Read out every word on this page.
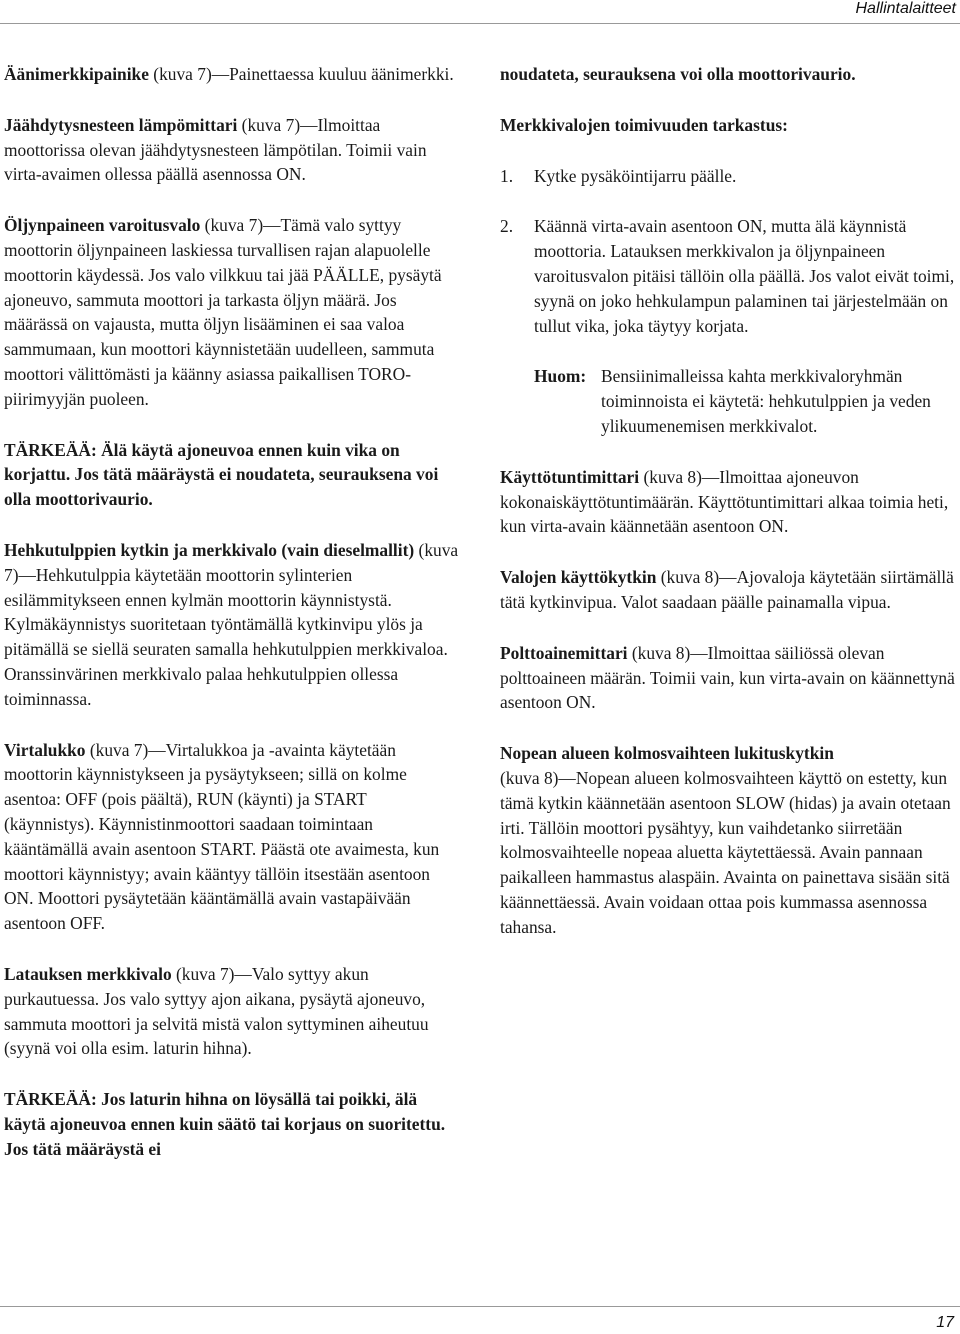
Hallintalaitteet

Äänimerkkipainike (kuva 7)—Painettaessa kuuluu äänimerkki.

Jäähdytysnesteen lämpömittari (kuva 7)—Ilmoittaa moottorissa olevan jäähdytysnesteen lämpötilan. Toimii vain virta-avaimen ollessa päällä asennossa ON.

Öljynpaineen varoitusvalo (kuva 7)—Tämä valo syttyy moottorin öljynpaineen laskiessa turvallisen rajan alapuolelle moottorin käydessä. Jos valo vilkkuu tai jää PÄÄLLE, pysäytä ajoneuvo, sammuta moottori ja tarkasta öljyn määrä. Jos määrässä on vajausta, mutta öljyn lisääminen ei saa valoa sammumaan, kun moottori käynnistetään uudelleen, sammuta moottori välittömästi ja käänny asiassa paikallisen TORO-piirimyyjän puoleen.

TÄRKEÄÄ: Älä käytä ajoneuvoa ennen kuin vika on korjattu. Jos tätä määräystä ei noudateta, seurauksena voi olla moottorivaurio.

Hehkutulppien kytkin ja merkkivalo (vain dieselmallit) (kuva 7)—Hehkutulppia käytetään moottorin sylinterien esilämmitykseen ennen kylmän moottorin käynnistystä. Kylmäkäynnistys suoritetaan työntämällä kytkinvipu ylös ja pitämällä se siellä seuraten samalla hehkutulppien merkkivaloa. Oranssinvärinen merkkivalo palaa hehkutulppien ollessa toiminnassa.

Virtalukko (kuva 7)—Virtalukkoa ja -avainta käytetään moottorin käynnistykseen ja pysäytykseen; sillä on kolme asentoa: OFF (pois päältä), RUN (käynti) ja START (käynnistys). Käynnistinmoottori saadaan toimintaan kääntämällä avain asentoon START. Päästä ote avaimesta, kun moottori käynnistyy; avain kääntyy tällöin itsestään asentoon ON. Moottori pysäytetään kääntämällä avain vastapäivään asentoon OFF.

Latauksen merkkivalo (kuva 7)—Valo syttyy akun purkautuessa. Jos valo syttyy ajon aikana, pysäytä ajoneuvo, sammuta moottori ja selvitä mistä valon syttyminen aiheutuu (syynä voi olla esim. laturin hihna).

TÄRKEÄÄ: Jos laturin hihna on löysällä tai poikki, älä käytä ajoneuvoa ennen kuin säätö tai korjaus on suoritettu. Jos tätä määräystä ei

noudateta, seurauksena voi olla moottorivaurio.

Merkkivalojen toimivuuden tarkastus:

1.	Kytke pysäköintijarru päälle.
2.	Käännä virta-avain asentoon ON, mutta älä käynnistä moottoria. Latauksen merkkivalon ja öljynpaineen varoitusvalon pitäisi tällöin olla päällä. Jos valot eivät toimi, syynä on joko hehkulampun palaminen tai järjestelmään on tullut vika, joka täytyy korjata.
Huom: Bensiinimalleissa kahta merkkivaloryhmän toiminnoista ei käytetä: hehkutulppien ja veden ylikuumenemisen merkkivalot.

Käyttötuntimittari (kuva 8)—Ilmoittaa ajoneuvon kokonaiskäyttötuntimäärän. Käyttötuntimittari alkaa toimia heti, kun virta-avain käännetään asentoon ON.

Valojen käyttökytkin (kuva 8)—Ajovaloja käytetään siirtämällä tätä kytkinvipua. Valot saadaan päälle painamalla vipua.

Polttoainemittari (kuva 8)—Ilmoittaa säiliössä olevan polttoaineen määrän. Toimii vain, kun virta-avain on käännettynä asentoon ON.

Nopean alueen kolmosvaihteen lukituskytkin
(kuva 8)—Nopean alueen kolmosvaihteen käyttö on estetty, kun tämä kytkin käännetään asentoon SLOW (hidas) ja avain otetaan irti. Tällöin moottori pysähtyy, kun vaihdetanko siirretään kolmosvaihteelle nopeaa aluetta käytettäessä. Avain pannaan paikalleen hammastus alaspäin. Avainta on painettava sisään sitä käännettäessä. Avain voidaan ottaa pois kummassa asennossa tahansa.

17
